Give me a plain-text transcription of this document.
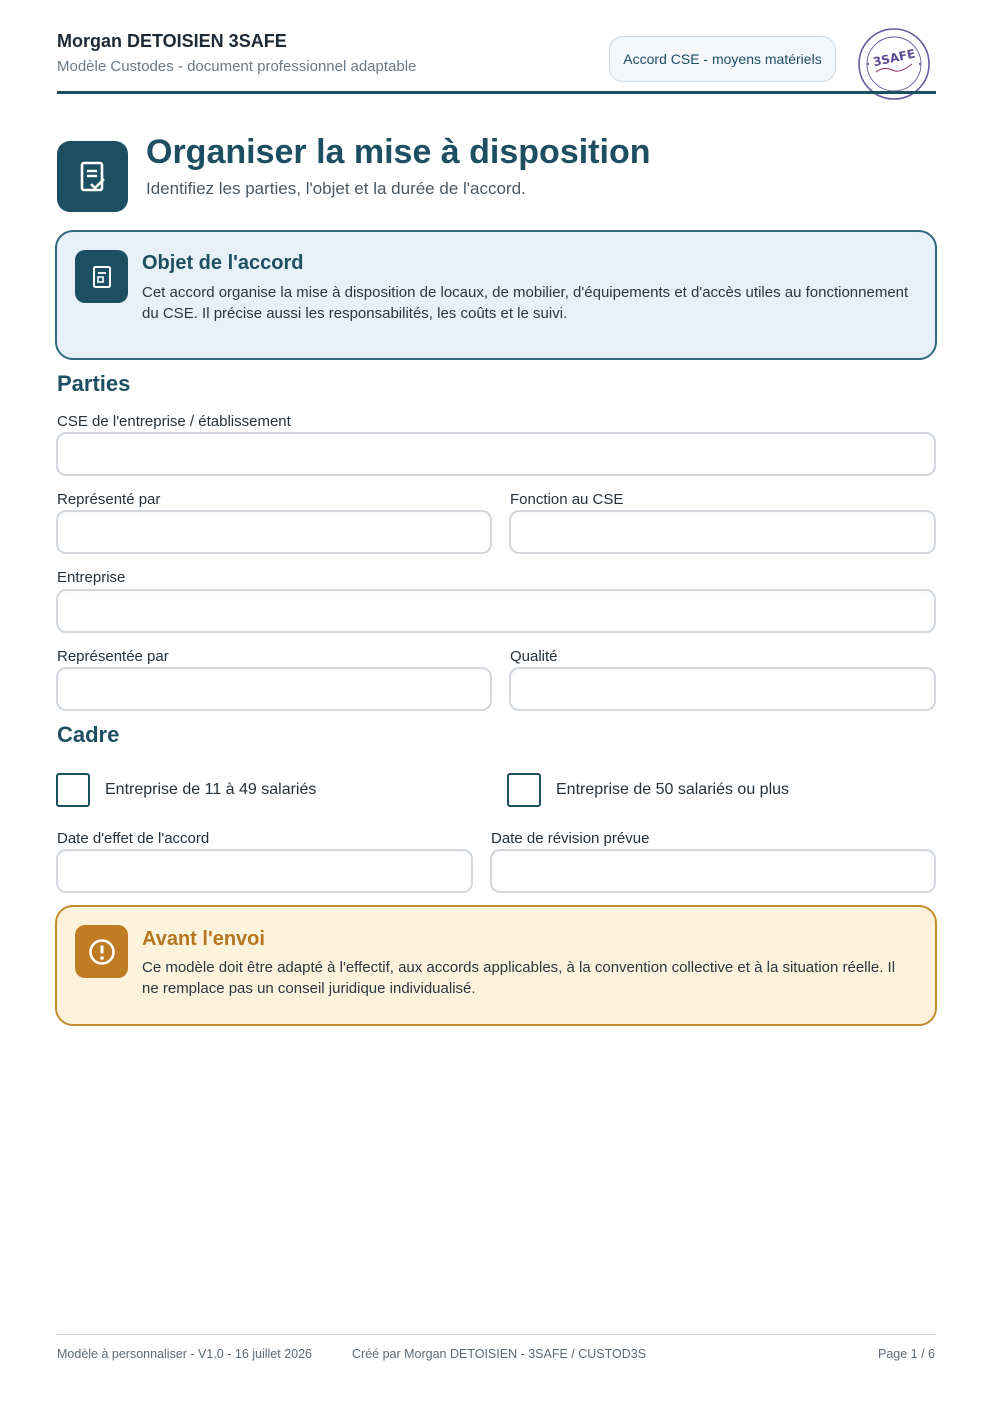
Morgan DETOISIEN 3SAFE
Modèle Custodes - document professionnel adaptable	Accord CSE - moyens matériels	3SAFE
Organiser la mise à disposition
Identifiez les parties, l'objet et la durée de l'accord.
Objet de l'accord
Cet accord organise la mise à disposition de locaux, de mobilier, d'équipements et d'accès utiles au fonctionnement du CSE. Il précise aussi les responsabilités, les coûts et le suivi.
Parties
CSE de l'entreprise / établissement
Représenté par	Fonction au CSE
Entreprise
Représentée par	Qualité
Cadre
Entreprise de 11 à 49 salariés	Entreprise de 50 salariés ou plus
Date d'effet de l'accord	Date de révision prévue
Avant l'envoi
Ce modèle doit être adapté à l'effectif, aux accords applicables, à la convention collective et à la situation réelle. Il ne remplace pas un conseil juridique individualisé.
Modèle à personnaliser - V1.0 - 16 juillet 2026	Créé par Morgan DETOISIEN - 3SAFE / CUSTOD3S	Page 1 / 6
